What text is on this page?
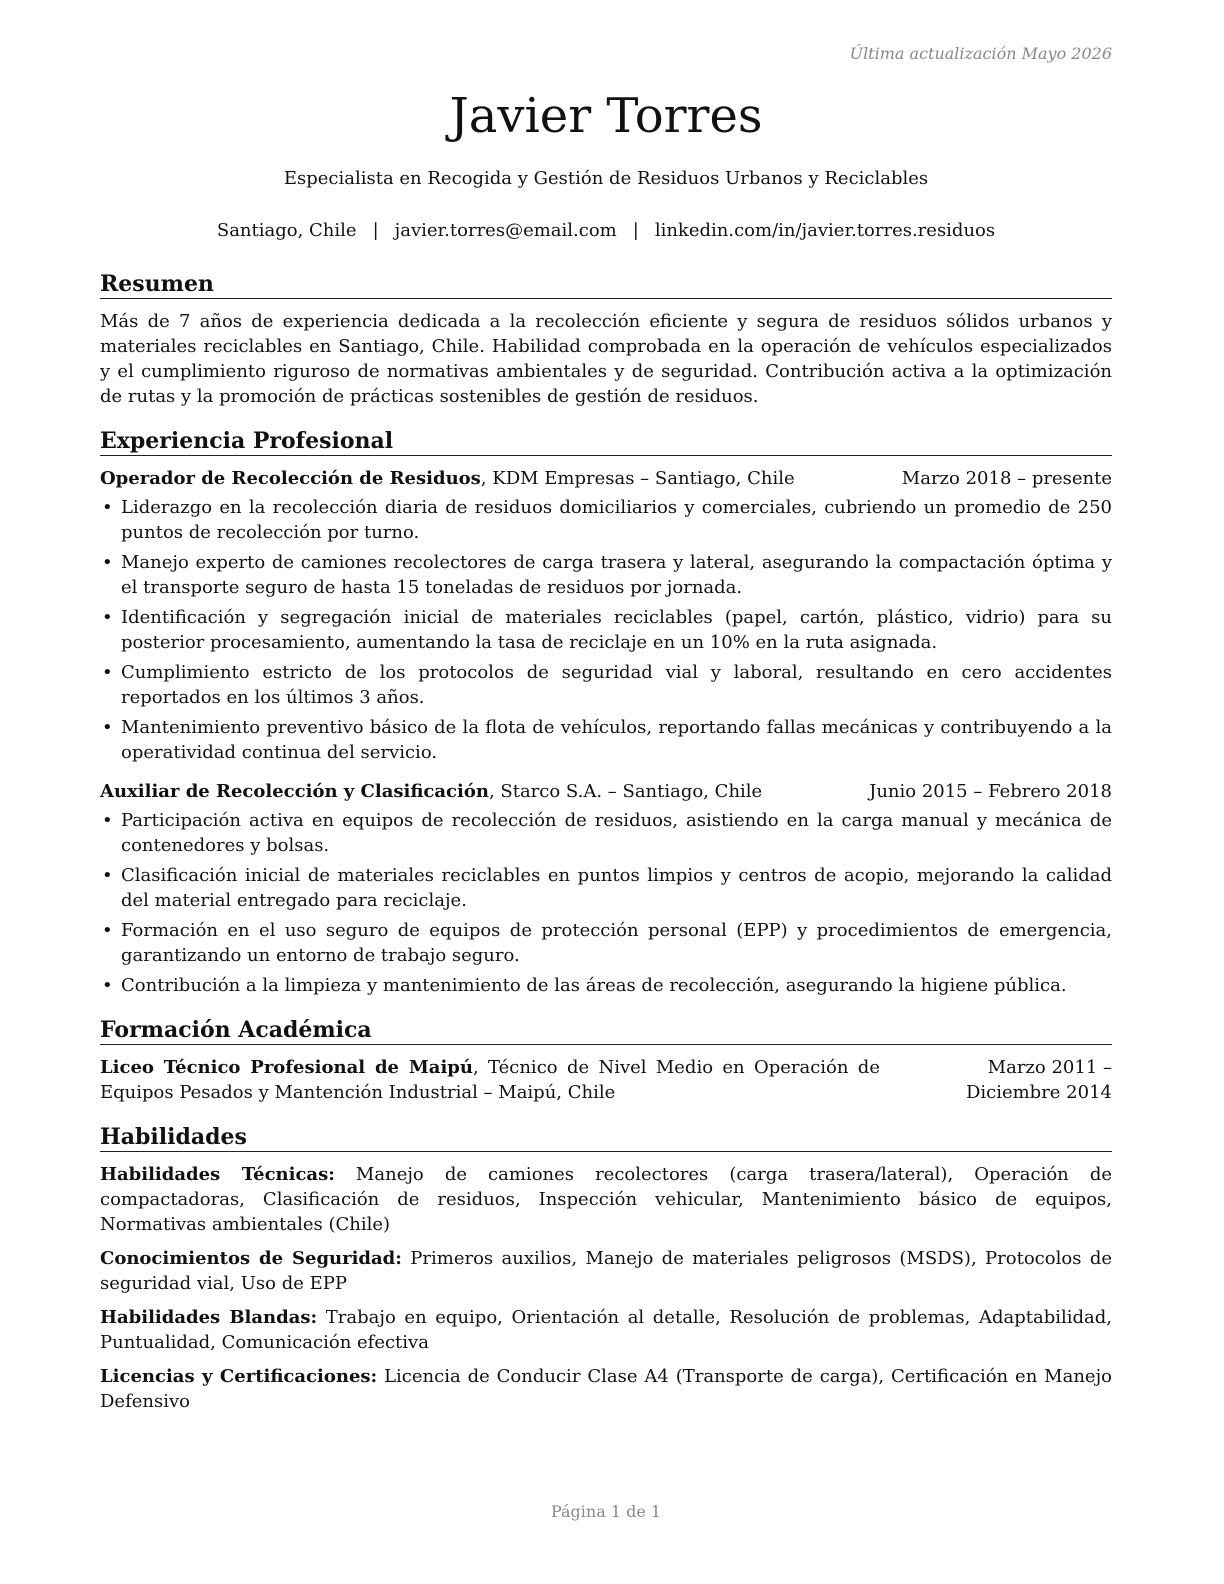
Última actualización Mayo 2026
Javier Torres
Especialista en Recogida y Gestión de Residuos Urbanos y Reciclables
Santiago, Chile | javier.torres@email.com | linkedin.com/in/javier.torres.residuos
Resumen

Más de 7 años de experiencia dedicada a la recolección eficiente y segura de residuos sólidos urbanos y materiales reciclables en Santiago, Chile. Habilidad comprobada en la operación de vehículos especializados y el cumplimiento riguroso de normativas ambientales y de seguridad. Contribución activa a la optimización de rutas y la promoción de prácticas sostenibles de gestión de residuos.

Experiencia Profesional
Operador de Recolección de Residuos, KDM Empresas – Santiago, Chile	Marzo 2018 – presente
• Liderazgo en la recolección diaria de residuos domiciliarios y comerciales, cubriendo un promedio de 250 puntos de recolección por turno.
• Manejo experto de camiones recolectores de carga trasera y lateral, asegurando la compactación óptima y el transporte seguro de hasta 15 toneladas de residuos por jornada.
• Identificación y segregación inicial de materiales reciclables (papel, cartón, plástico, vidrio) para su posterior procesamiento, aumentando la tasa de reciclaje en un 10% en la ruta asignada.
• Cumplimiento estricto de los protocolos de seguridad vial y laboral, resultando en cero accidentes reportados en los últimos 3 años.
• Mantenimiento preventivo básico de la flota de vehículos, reportando fallas mecánicas y contribuyendo a la operatividad continua del servicio.
Auxiliar de Recolección y Clasificación, Starco S.A. – Santiago, Chile	Junio 2015 – Febrero 2018
• Participación activa en equipos de recolección de residuos, asistiendo en la carga manual y mecánica de contenedores y bolsas.
• Clasificación inicial de materiales reciclables en puntos limpios y centros de acopio, mejorando la calidad del material entregado para reciclaje.
• Formación en el uso seguro de equipos de protección personal (EPP) y procedimientos de emergencia, garantizando un entorno de trabajo seguro.
• Contribución a la limpieza y mantenimiento de las áreas de recolección, asegurando la higiene pública.
Formación Académica
Liceo Técnico Profesional de Maipú, Técnico de Nivel Medio en Operación de Equipos Pesados y Mantención Industrial – Maipú, Chile
Marzo 2011 – Diciembre 2014
Habilidades

Habilidades Técnicas: Manejo de camiones recolectores (carga trasera/lateral), Operación de compactadoras, Clasificación de residuos, Inspección vehicular, Mantenimiento básico de equipos, Normativas ambientales (Chile)

Conocimientos de Seguridad: Primeros auxilios, Manejo de materiales peligrosos (MSDS), Protocolos de seguridad vial, Uso de EPP

Habilidades Blandas: Trabajo en equipo, Orientación al detalle, Resolución de problemas, Adaptabilidad, Puntualidad, Comunicación efectiva

Licencias y Certificaciones: Licencia de Conducir Clase A4 (Transporte de carga), Certificación en Manejo Defensivo

Página 1 de 1
